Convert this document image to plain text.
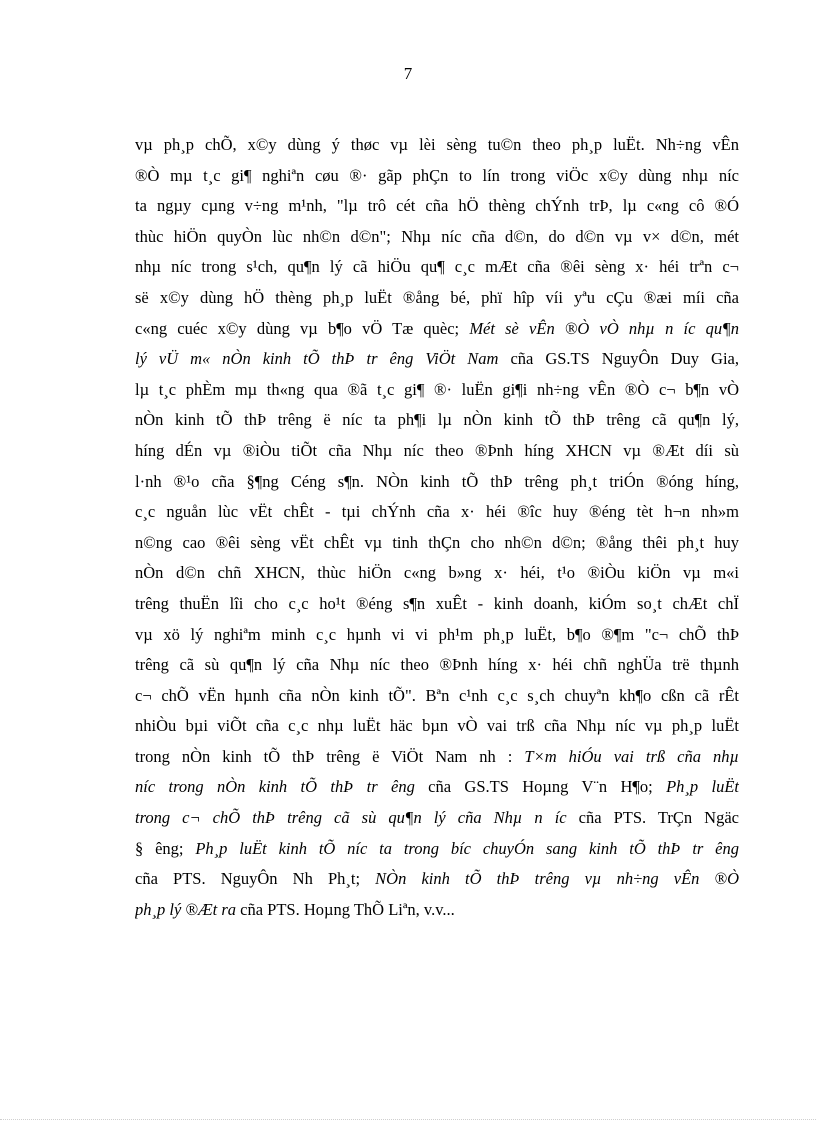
7
vµ ph¸p chÕ, x©y dùng ý thøc vµ lèi sèng tu©n theo ph¸p luËt. Nh÷ng vÊn
®Ò mµ t¸c gi¶ nghiªn cøu ®· gãp phÇn to lín trong viÖc x©y dùng nhµ níc
ta ngµy cµng v÷ng m¹nh, "lµ trô cét cña hÖ thèng chÝnh trÞ, lµ c«ng cô ®Ó
thùc hiÖn quyÒn lùc nh©n d©n"; Nhµ níc cña d©n, do d©n vµ v× d©n, mét
nhµ níc trong s¹ch, qu¶n lý cã hiÖu qu¶ c¸c mÆt cña ®êi sèng x· héi trªn c¬
së x©y dùng hÖ thèng ph¸p luËt ®ång bé, phï hîp víi yªu cÇu ®æi míi cña
c«ng cuéc x©y dùng vµ b¶o vÖ Tæ quèc; Mét sè vÊn ®Ò vÒ nhµ n íc qu¶n
lý vÜ m« nÒn kinh tÕ thÞ tr êng ViÖt Nam cña GS.TS NguyÔn Duy Gia,
lµ t¸c phÈm mµ th«ng qua ®ã t¸c gi¶ ®· luËn gi¶i nh÷ng vÊn ®Ò c¬ b¶n vÒ
nÒn kinh tÕ thÞ trêng ë níc ta ph¶i lµ nÒn kinh tÕ thÞ trêng cã qu¶n lý,
híng dÉn vµ ®iÒu tiÕt cña Nhµ níc theo ®Þnh híng XHCN vµ ®Æt díi sù
l·nh ®¹o cña §¶ng Céng s¶n. NÒn kinh tÕ thÞ trêng ph¸t triÓn ®óng híng,
c¸c nguån lùc vËt chÊt - tµi chÝnh cña x· héi ®îc huy ®éng tèt h¬n nh»m
n©ng cao ®êi sèng vËt chÊt vµ tinh thÇn cho nh©n d©n; ®ång thêi ph¸t huy
nÒn d©n chñ XHCN, thùc hiÖn c«ng b»ng x· héi, t¹o ®iÒu kiÖn vµ m«i
trêng thuËn lîi cho c¸c ho¹t ®éng s¶n xuÊt - kinh doanh, kiÓm so¸t chÆt chÏ
vµ xö lý nghiªm minh c¸c hµnh vi vi ph¹m ph¸p luËt, b¶o ®¶m "c¬ chÕ thÞ
trêng cã sù qu¶n lý cña Nhµ níc theo ®Þnh híng x· héi chñ nghÜa trë thµnh
c¬ chÕ vËn hµnh cña nÒn kinh tÕ". Bªn c¹nh c¸c s¸ch chuyªn kh¶o cßn cã rÊt
nhiÒu bµi viÕt cña c¸c nhµ luËt häc bµn vÒ vai trß cña Nhµ níc vµ ph¸p luËt
trong nÒn kinh tÕ thÞ trêng ë ViÖt Nam nh : T×m hiÓu vai trß cña nhµ
níc trong nÒn kinh tÕ thÞ tr êng cña GS.TS Hoµng V¨n H¶o; Ph¸p luËt
trong c¬ chÕ thÞ trêng cã sù qu¶n lý cña Nhµ n íc cña PTS. TrÇn Ngäc
§ êng; Ph¸p luËt kinh tÕ níc ta trong bíc chuyÓn sang kinh tÕ thÞ tr êng
cña PTS. NguyÔn Nh Ph¸t; NÒn kinh tÕ thÞ trêng vµ nh÷ng vÊn ®Ò
ph¸p lý ®Æt ra cña PTS. Hoµng ThÕ Liªn, v.v...
